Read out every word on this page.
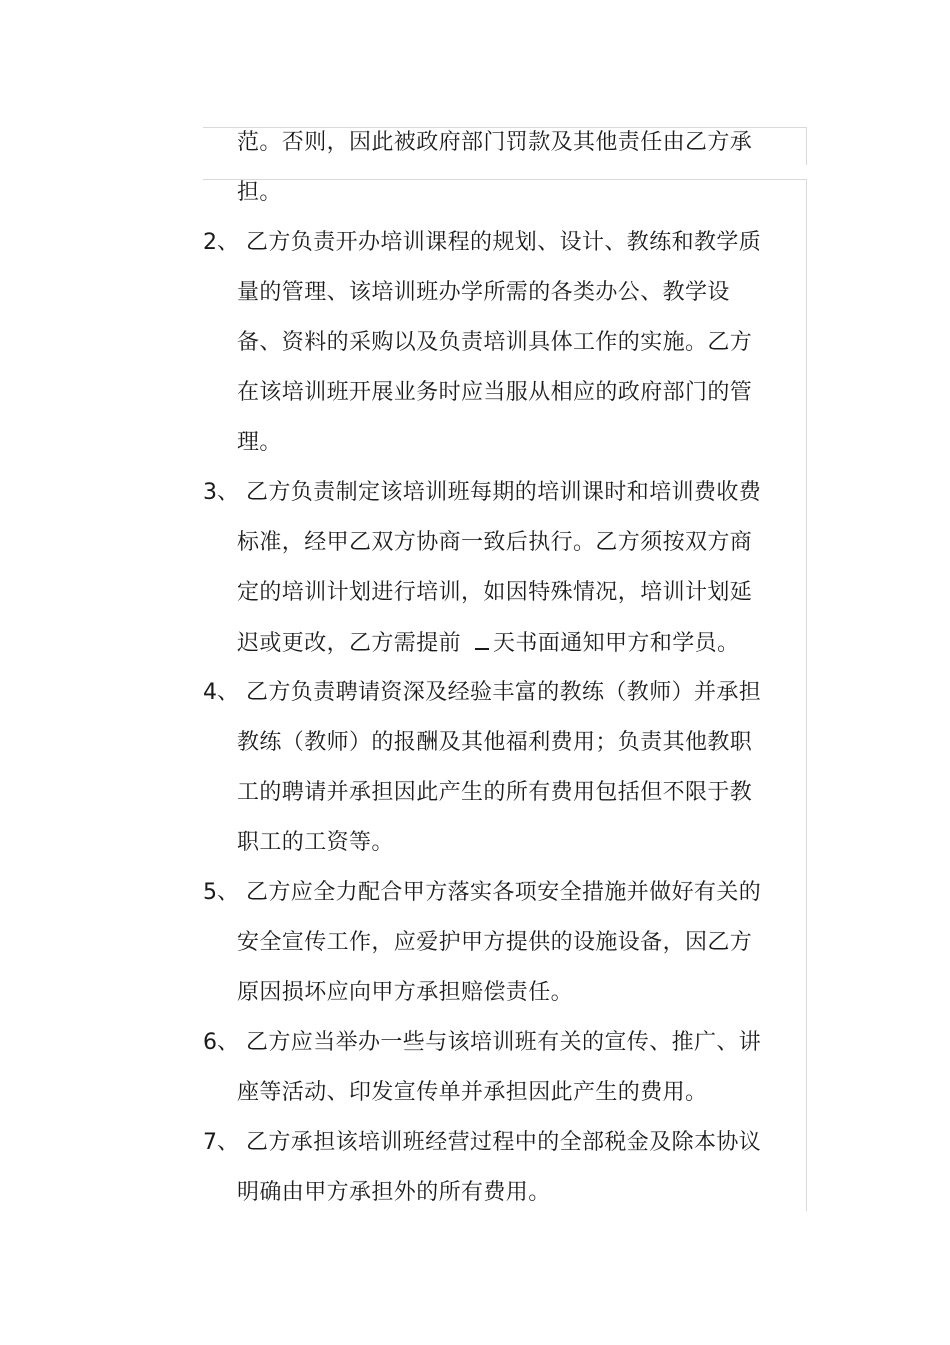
范。否则，因此被政府部门罚款及其他责任由乙方承
担。
2、 乙方负责开办培训课程的规划、设计、教练和教学质
量的管理、该培训班办学所需的各类办公、教学设
备、资料的采购以及负责培训具体工作的实施。乙方
在该培训班开展业务时应当服从相应的政府部门的管
理。
3、 乙方负责制定该培训班每期的培训课时和培训费收费
标准，经甲乙双方协商一致后执行。乙方须按双方商
定的培训计划进行培训，如因特殊情况，培训计划延
迟或更改，乙方需提前 天书面通知甲方和学员。
4、 乙方负责聘请资深及经验丰富的教练（教师）并承担
教练（教师）的报酬及其他福利费用；负责其他教职
工的聘请并承担因此产生的所有费用包括但不限于教
职工的工资等。
5、 乙方应全力配合甲方落实各项安全措施并做好有关的
安全宣传工作，应爱护甲方提供的设施设备，因乙方
原因损坏应向甲方承担赔偿责任。
6、 乙方应当举办一些与该培训班有关的宣传、推广、讲
座等活动、印发宣传单并承担因此产生的费用。
7、 乙方承担该培训班经营过程中的全部税金及除本协议
明确由甲方承担外的所有费用。
